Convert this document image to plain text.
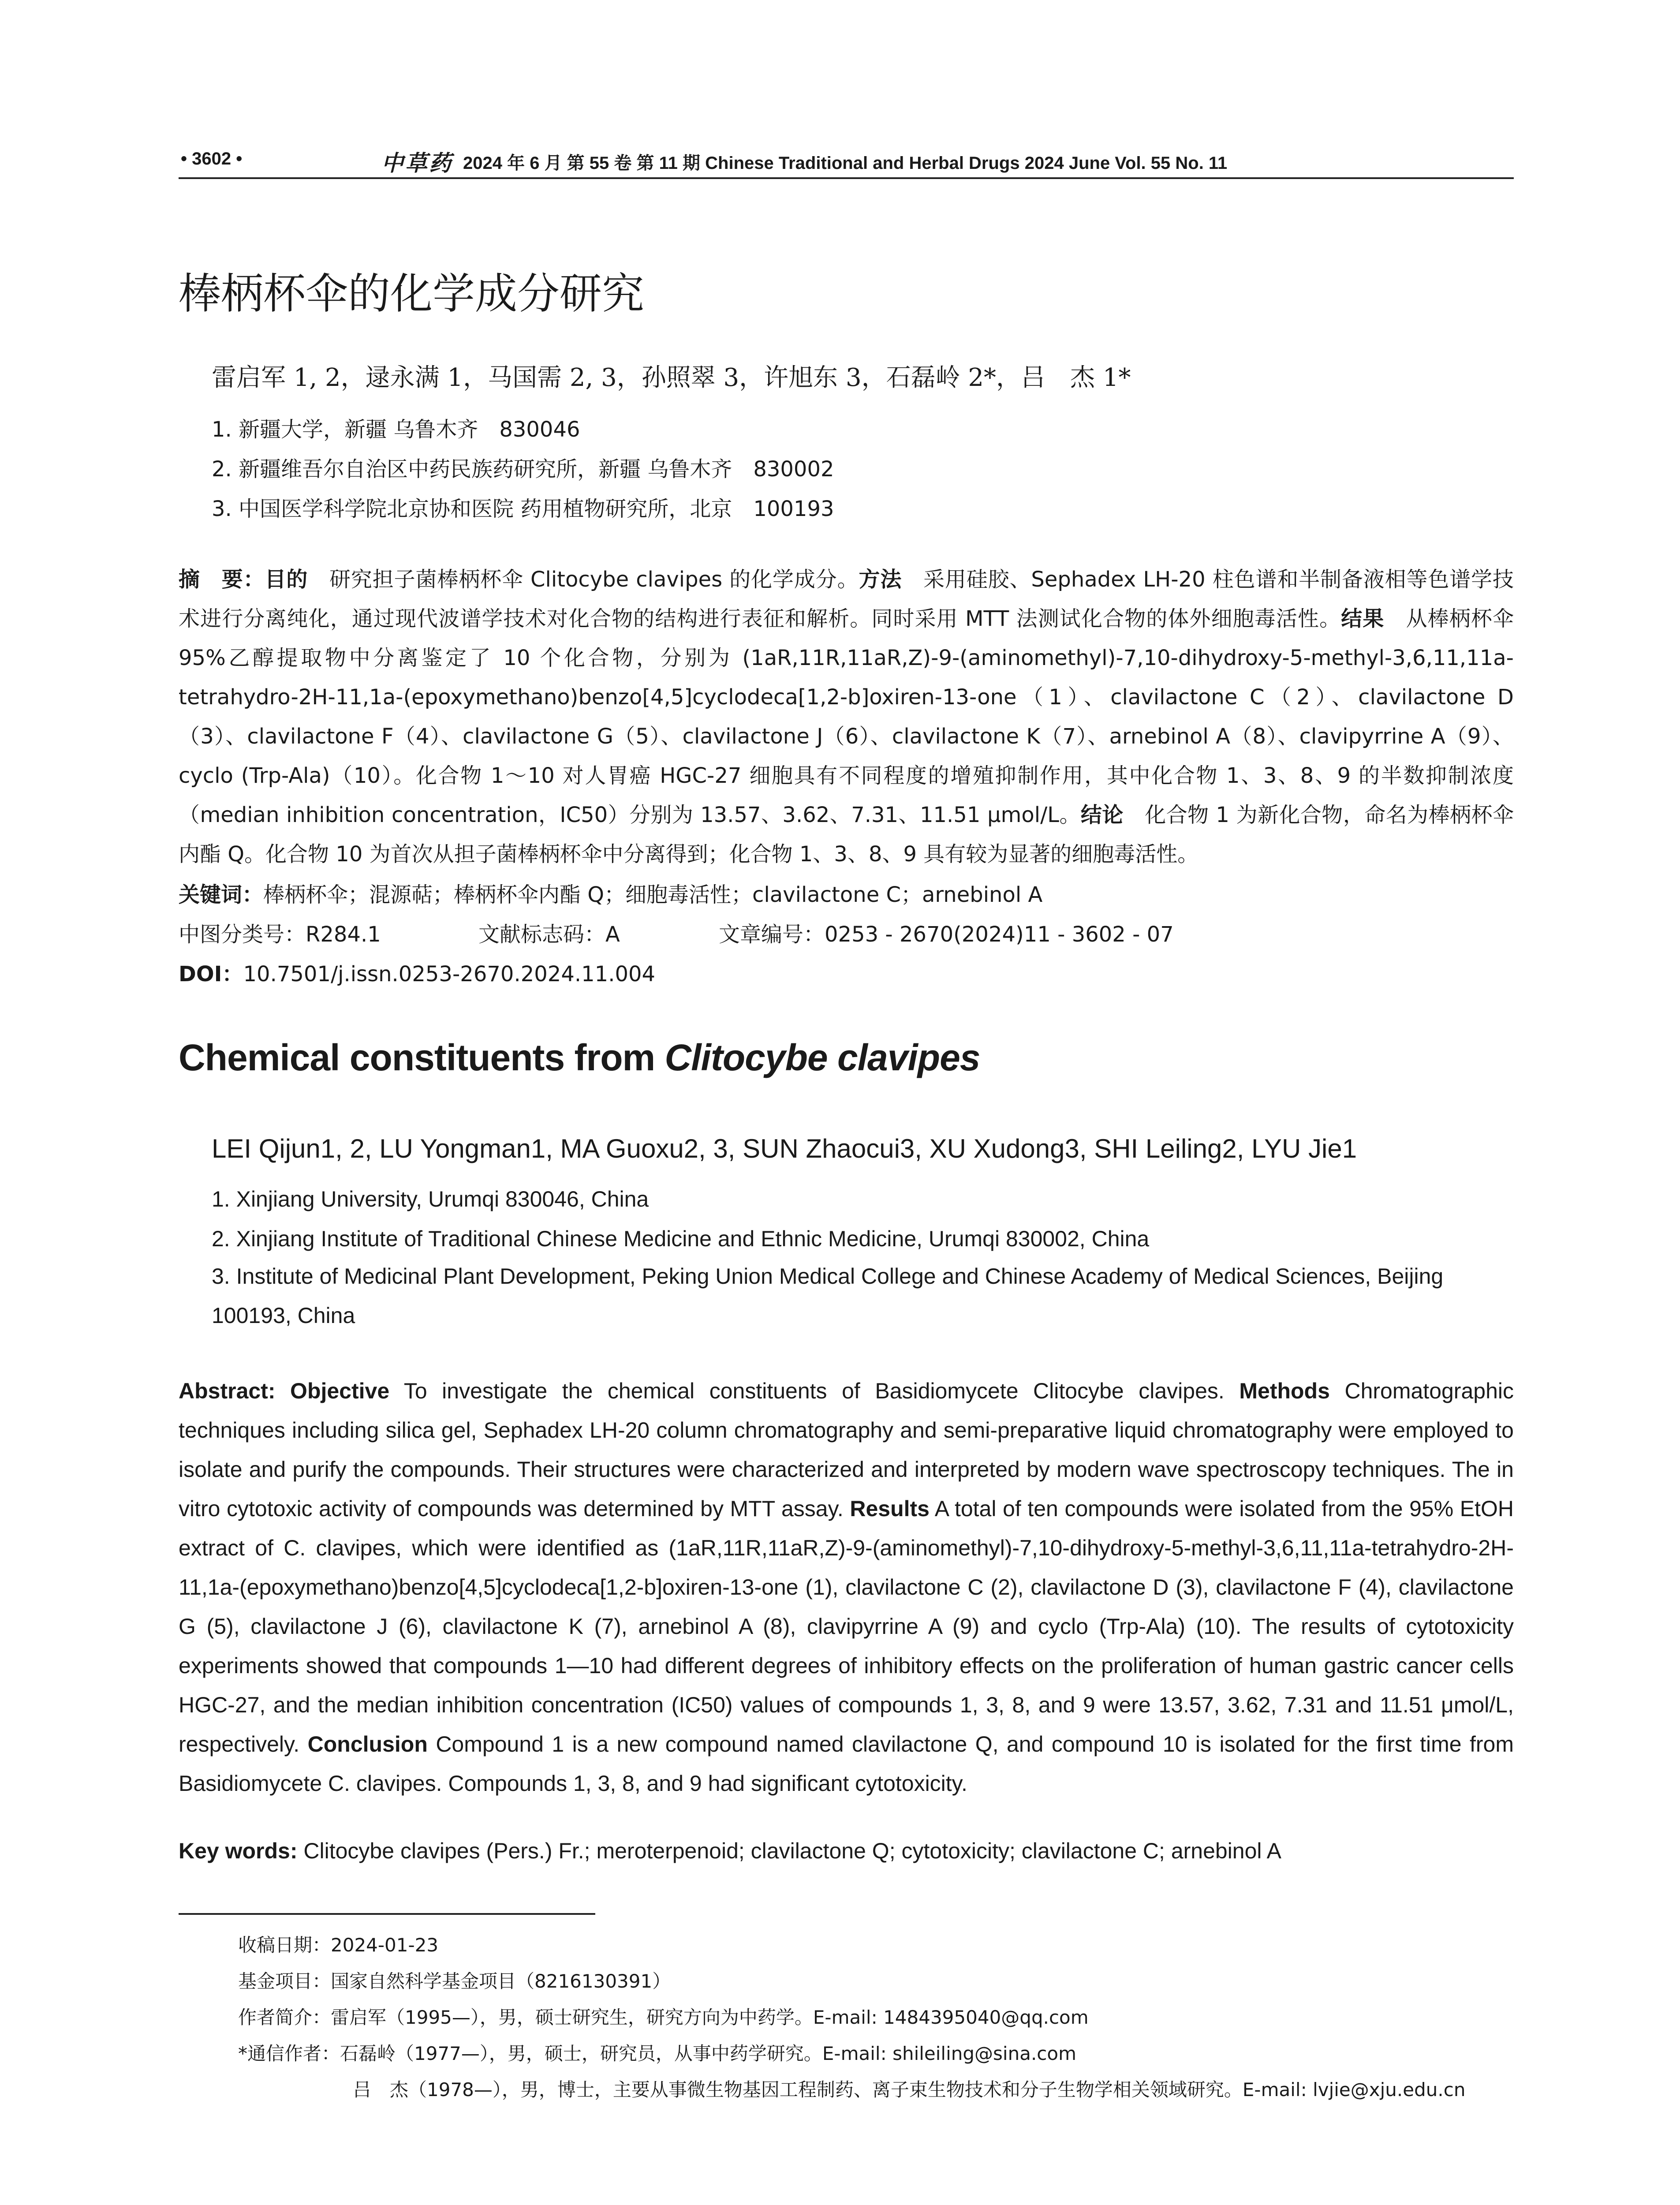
• 3602 •	中草药 2024 年 6 月 第 55 卷 第 11 期 Chinese Traditional and Herbal Drugs 2024 June Vol. 55 No. 11
棒柄杯伞的化学成分研究
雷启军 1, 2，逯永满 1，马国需 2, 3，孙照翠 3，许旭东 3，石磊岭 2*，吕　杰 1*
1. 新疆大学，新疆 乌鲁木齐　830046
2. 新疆维吾尔自治区中药民族药研究所，新疆 乌鲁木齐　830002
3. 中国医学科学院北京协和医院 药用植物研究所，北京　100193
摘　要：目的　研究担子菌棒柄杯伞 Clitocybe clavipes 的化学成分。方法　采用硅胶、Sephadex LH-20 柱色谱和半制备液相等色谱学技术进行分离纯化，通过现代波谱学技术对化合物的结构进行表征和解析。同时采用 MTT 法测试化合物的体外细胞毒活性。结果　从棒柄杯伞 95%乙醇提取物中分离鉴定了 10 个化合物，分别为 (1aR,11R,11aR,Z)-9-(aminomethyl)-7,10-dihydroxy-5-methyl-3,6,11,11a-tetrahydro-2H-11,1a-(epoxymethano)benzo[4,5]cyclodeca[1,2-b]oxiren-13-one（1）、clavilactone C（2）、clavilactone D（3）、clavilactone F（4）、clavilactone G（5）、clavilactone J（6）、clavilactone K（7）、arnebinol A（8）、clavipyrrine A（9）、cyclo (Trp-Ala)（10）。化合物 1～10 对人胃癌 HGC-27 细胞具有不同程度的增殖抑制作用，其中化合物 1、3、8、9 的半数抑制浓度（median inhibition concentration，IC50）分别为 13.57、3.62、7.31、11.51 μmol/L。结论　化合物 1 为新化合物，命名为棒柄杯伞内酯 Q。化合物 10 为首次从担子菌棒柄杯伞中分离得到；化合物 1、3、8、9 具有较为显著的细胞毒活性。
关键词：棒柄杯伞；混源萜；棒柄杯伞内酯 Q；细胞毒活性；clavilactone C；arnebinol A
中图分类号：R284.1	文献标志码：A	文章编号：0253 - 2670(2024)11 - 3602 - 07
DOI：10.7501/j.issn.0253-2670.2024.11.004
Chemical constituents from Clitocybe clavipes
LEI Qijun1, 2, LU Yongman1, MA Guoxu2, 3, SUN Zhaocui3, XU Xudong3, SHI Leiling2, LYU Jie1
1. Xinjiang University, Urumqi 830046, China
2. Xinjiang Institute of Traditional Chinese Medicine and Ethnic Medicine, Urumqi 830002, China
3. Institute of Medicinal Plant Development, Peking Union Medical College and Chinese Academy of Medical Sciences, Beijing 100193, China
Abstract: Objective To investigate the chemical constituents of Basidiomycete Clitocybe clavipes. Methods Chromatographic techniques including silica gel, Sephadex LH-20 column chromatography and semi-preparative liquid chromatography were employed to isolate and purify the compounds. Their structures were characterized and interpreted by modern wave spectroscopy techniques. The in vitro cytotoxic activity of compounds was determined by MTT assay. Results A total of ten compounds were isolated from the 95% EtOH extract of C. clavipes, which were identified as (1aR,11R,11aR,Z)-9-(aminomethyl)-7,10-dihydroxy-5-methyl-3,6,11,11a-tetrahydro-2H-11,1a-(epoxymethano)benzo[4,5]cyclodeca[1,2-b]oxiren-13-one (1), clavilactone C (2), clavilactone D (3), clavilactone F (4), clavilactone G (5), clavilactone J (6), clavilactone K (7), arnebinol A (8), clavipyrrine A (9) and cyclo (Trp-Ala) (10). The results of cytotoxicity experiments showed that compounds 1—10 had different degrees of inhibitory effects on the proliferation of human gastric cancer cells HGC-27, and the median inhibition concentration (IC50) values of compounds 1, 3, 8, and 9 were 13.57, 3.62, 7.31 and 11.51 μmol/L, respectively. Conclusion Compound 1 is a new compound named clavilactone Q, and compound 10 is isolated for the first time from Basidiomycete C. clavipes. Compounds 1, 3, 8, and 9 had significant cytotoxicity.
Key words: Clitocybe clavipes (Pers.) Fr.; meroterpenoid; clavilactone Q; cytotoxicity; clavilactone C; arnebinol A
收稿日期：2024-01-23
基金项目：国家自然科学基金项目（8216130391）
作者简介：雷启军（1995—），男，硕士研究生，研究方向为中药学。E-mail: 1484395040@qq.com
*通信作者：石磊岭（1977—），男，硕士，研究员，从事中药学研究。E-mail: shileiling@sina.com
吕　杰（1978—），男，博士，主要从事微生物基因工程制药、离子束生物技术和分子生物学相关领域研究。E-mail: lvjie@xju.edu.cn
